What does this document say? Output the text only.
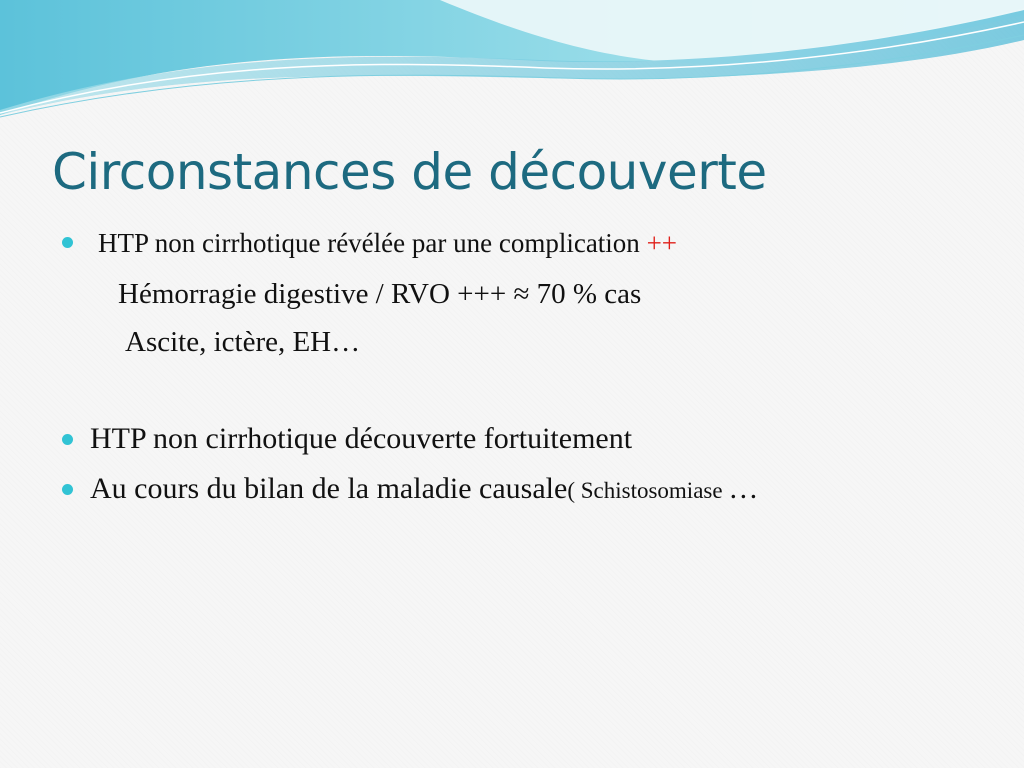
Circonstances de découverte
HTP non cirrhotique révélée par une complication ++
Hémorragie digestive / RVO +++ ≈ 70 % cas
Ascite, ictère, EH…
HTP non cirrhotique découverte fortuitement
Au cours du bilan de la maladie causale( Schistosomiase …
